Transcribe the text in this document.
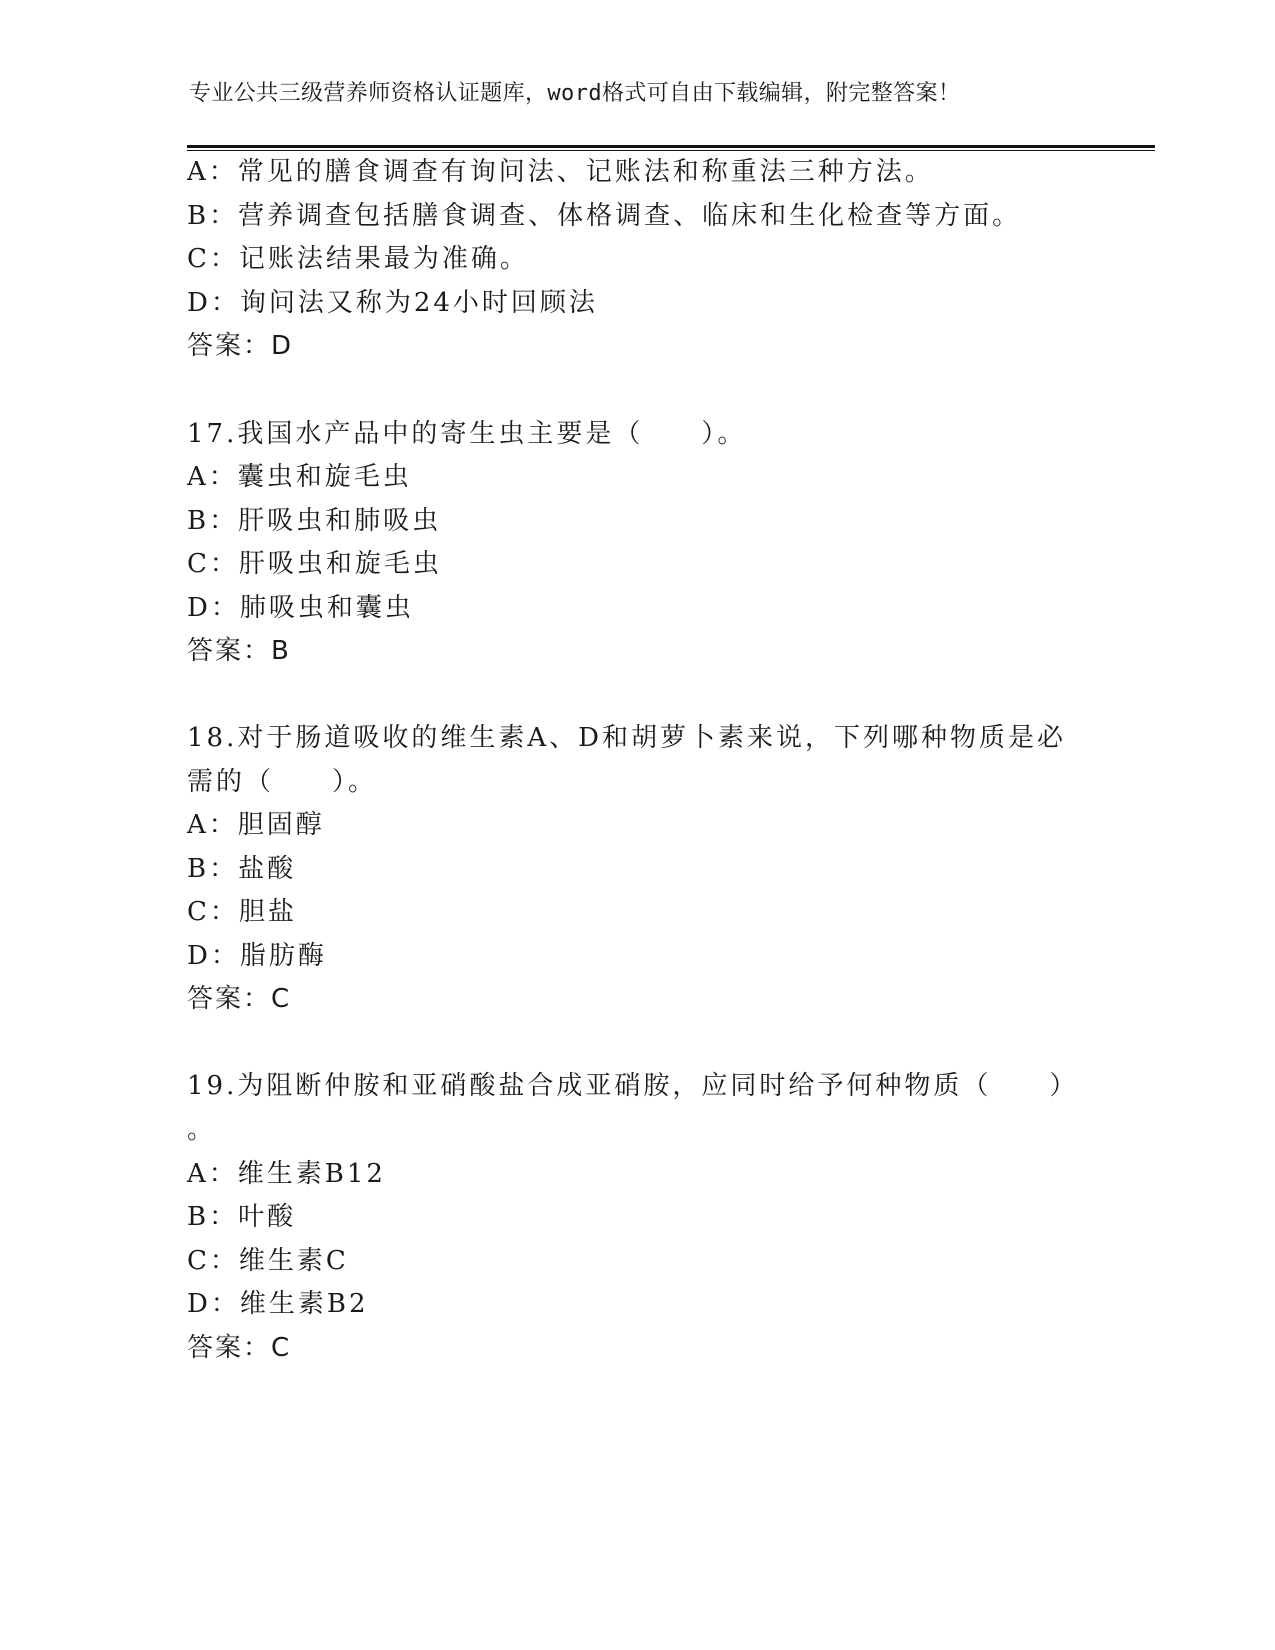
专业公共三级营养师资格认证题库，word格式可自由下载编辑，附完整答案！
A：常见的膳食调查有询问法、记账法和称重法三种方法。
B：营养调查包括膳食调查、体格调查、临床和生化检查等方面。
C：记账法结果最为准确。
D：询问法又称为24小时回顾法
答案：D
17.我国水产品中的寄生虫主要是（　　）。
A：囊虫和旋毛虫
B：肝吸虫和肺吸虫
C：肝吸虫和旋毛虫
D：肺吸虫和囊虫
答案：B
18.对于肠道吸收的维生素A、D和胡萝卜素来说，下列哪种物质是必
需的（　　）。
A：胆固醇
B：盐酸
C：胆盐
D：脂肪酶
答案：C
19.为阻断仲胺和亚硝酸盐合成亚硝胺，应同时给予何种物质（　　）
。
A：维生素B12
B：叶酸
C：维生素C
D：维生素B2
答案：C
